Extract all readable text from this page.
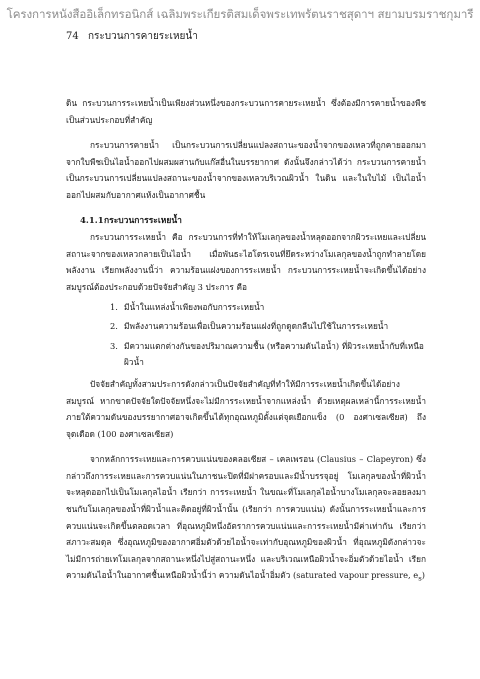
โครงการหนังสืออิเล็กทรอนิกส์ เฉลิมพระเกียรติสมเด็จพระเทพรัตนราชสุดาฯ สยามบรมราชกุมารี
74 กระบวนการคายระเหยน้ำ

ดิน กระบวนการระเหยน้ำเป็นเพียงส่วนหนึ่งของกระบวนการคายระเหยน้ำ ซึ่งต้องมีการคายน้ำของพืชเป็นส่วนประกอบที่สำคัญ

กระบวนการคายน้ำ เป็นกระบวนการเปลี่ยนแปลงสถานะของน้ำจากของเหลวที่ถูกคายออกมาจากใบพืชเป็นไอน้ำออกไปผสมผสานกับแก๊สอื่นในบรรยากาศ ดังนั้นจึงกล่าวได้ว่า กระบวนการคายน้ำเป็นกระบวนการเปลี่ยนแปลงสถานะของน้ำจากของเหลวบริเวณผิวน้ำ ในดิน และในใบไม้ เป็นไอน้ำออกไปผสมกับอากาศแห้งเป็นอากาศชื้น

4.1.1กระบวนการระเหยน้ำ

กระบวนการระเหยน้ำ คือ กระบวนการที่ทำให้โมเลกุลของน้ำหลุดออกจากผิวระเหยและเปลี่ยนสถานะจากของเหลวกลายเป็นไอน้ำ เมื่อพันธะไฮโดรเจนที่ยึดระหว่างโมเลกุลของน้ำถูกทำลายโดยพลังงาน เรียกพลังงานนี้ว่า ความร้อนแฝงของการระเหยน้ำ กระบวนการระเหยน้ำจะเกิดขึ้นได้อย่างสมบูรณ์ต้องประกอบด้วยปัจจัยสำคัญ 3 ประการ คือ

1. มีน้ำในแหล่งน้ำเพียงพอกับการระเหยน้ำ
2. มีพลังงานความร้อนเพื่อเป็นความร้อนแฝงที่ถูกดูดกลืนไปใช้ในการระเหยน้ำ
3. มีความแตกต่างกันของปริมาณความชื้น (หรือความดันไอน้ำ) ที่ผิวระเหยน้ำกับที่เหนือผิวน้ำ

ปัจจัยสำคัญทั้งสามประการดังกล่าวเป็นปัจจัยสำคัญที่ทำให้มีการระเหยน้ำเกิดขึ้นได้อย่างสมบูรณ์ หากขาดปัจจัยใดปัจจัยหนึ่งจะไม่มีการระเหยน้ำจากแหล่งน้ำ ด้วยเหตุผลเหล่านี้การระเหยน้ำภายใต้ความดันของบรรยากาศอาจเกิดขึ้นได้ทุกอุณหภูมิตั้งแต่จุดเยือกแข็ง (0 องศาเซลเซียส) ถึงจุดเดือด (100 องศาเซลเซียส)

จากหลักการระเหยและการควบแน่นของคลอเซียส – เคลเพรอน (Clausius – Clapeyron) ซึ่งกล่าวถึงการระเหยและการควบแน่นในภาชนะปิดที่มีฝาครอบและมีน้ำบรรจุอยู่ โมเลกุลของน้ำที่ผิวน้ำจะหลุดออกไปเป็นโมเลกุลไอน้ำ เรียกว่า การระเหยน้ำ ในขณะที่โมเลกุลไอน้ำบางโมเลกุลจะลอยลงมาชนกับโมเลกุลของน้ำที่ผิวน้ำและติดอยู่ที่ผิวน้ำนั้น (เรียกว่า การควบแน่น) ดังนั้นการระเหยน้ำและการควบแน่นจะเกิดขึ้นตลอดเวลา ที่อุณหภูมิหนึ่งอัตราการควบแน่นและการระเหยน้ำมีค่าเท่ากัน เรียกว่า สภาวะสมดุล ซึ่งอุณหภูมิของอากาศอิ่มตัวด้วยไอน้ำจะเท่ากับอุณหภูมิของผิวน้ำ ที่อุณหภูมิดังกล่าวจะไม่มีการถ่ายเทโมเลกุลจากสถานะหนึ่งไปสู่สถานะหนึ่ง และบริเวณเหนือผิวน้ำจะอิ่มตัวด้วยไอน้ำ เรียกความดันไอน้ำในอากาศชื้นเหนือผิวน้ำนี้ว่า ความดันไอน้ำอิ่มตัว (saturated vapour pressure, $e_s$)
